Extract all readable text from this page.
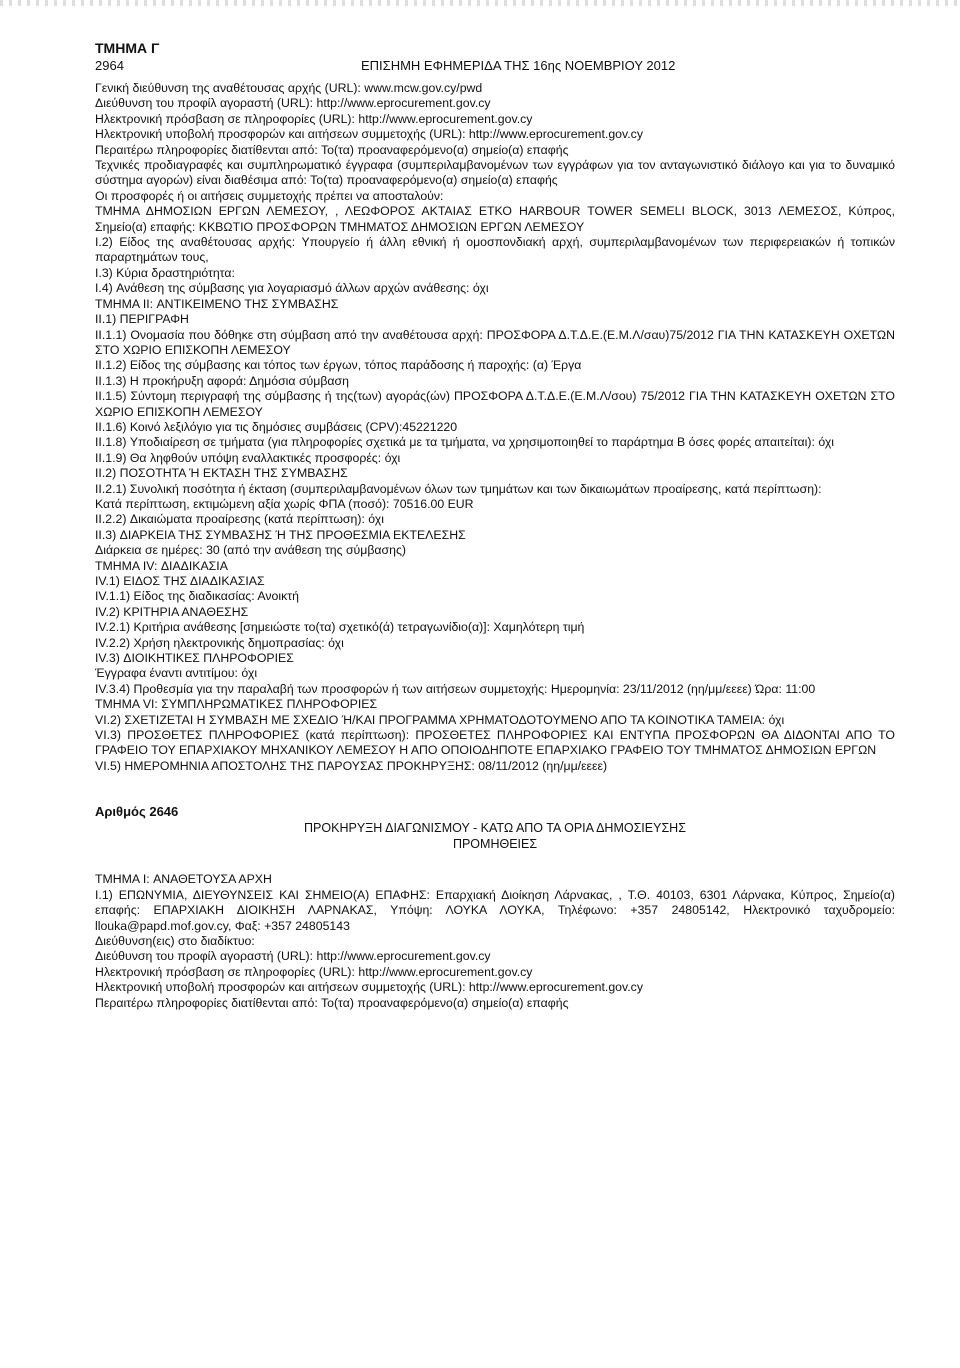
ΤΜΗΜΑ Γ
2964	ΕΠΙΣΗΜΗ ΕΦΗΜΕΡΙΔΑ ΤΗΣ 16ης ΝΟΕΜΒΡΙΟΥ 2012
Γενική διεύθυνση της αναθέτουσας αρχής (URL): www.mcw.gov.cy/pwd
Διεύθυνση του προφίλ αγοραστή (URL): http://www.eprocurement.gov.cy
Ηλεκτρονική πρόσβαση σε πληροφορίες (URL): http://www.eprocurement.gov.cy
Ηλεκτρονική υποβολή προσφορών και αιτήσεων συμμετοχής (URL): http://www.eprocurement.gov.cy
Περαιτέρω πληροφορίες διατίθενται από: Το(τα) προαναφερόμενο(α) σημείο(α) επαφής
Τεχνικές προδιαγραφές και συμπληρωματικό έγγραφα (συμπεριλαμβανομένων των εγγράφων για τον ανταγωνιστικό διάλογο και για το δυναμικό σύστημα αγορών) είναι διαθέσιμα από: Το(τα) προαναφερόμενο(α) σημείο(α) επαφής
Οι προσφορές ή οι αιτήσεις συμμετοχής πρέπει να αποσταλούν:
ΤΜΗΜΑ ΔΗΜΟΣΙΩΝ ΕΡΓΩΝ ΛΕΜΕΣΟΥ, , ΛΕΩΦΟΡΟΣ ΑΚΤΑΙΑΣ ΕΤΚΟ HARBOUR TOWER SEMELI BLOCK, 3013 ΛΕΜΕΣΟΣ, Κύπρος, Σημείο(α) επαφής: ΚΚΒΩΤΙΟ ΠΡΟΣΦΟΡΩΝ ΤΜΗΜΑΤΟΣ ΔΗΜΟΣΙΩΝ ΕΡΓΩΝ ΛΕΜΕΣΟΥ
I.2) Είδος της αναθέτουσας αρχής: Υπουργείο ή άλλη εθνική ή ομοσπονδιακή αρχή, συμπεριλαμβανομένων των περιφερειακών ή τοπικών παραρτημάτων τους,
I.3) Κύρια δραστηριότητα:
I.4) Ανάθεση της σύμβασης για λογαριασμό άλλων αρχών ανάθεσης: όχι
ΤΜΗΜΑ II: ΑΝΤΙΚΕΙΜΕΝΟ ΤΗΣ ΣΥΜΒΑΣΗΣ
II.1) ΠΕΡΙΓΡΑΦΗ
II.1.1) Ονομασία που δόθηκε στη σύμβαση από την αναθέτουσα αρχή: ΠΡΟΣΦΟΡΑ Δ.Τ.Δ.Ε.(Ε.Μ.Λ/σαυ)75/2012 ΓΙΑ ΤΗΝ ΚΑΤΑΣΚΕΥΗ ΟΧΕΤΩΝ ΣΤΟ ΧΩΡΙΟ ΕΠΙΣΚΟΠΗ ΛΕΜΕΣΟΥ
II.1.2) Είδος της σύμβασης και τόπος των έργων, τόπος παράδοσης ή παροχής: (α) Έργα
II.1.3) Η προκήρυξη αφορά: Δημόσια σύμβαση
II.1.5) Σύντομη περιγραφή της σύμβασης ή της(των) αγοράς(ών) ΠΡΟΣΦΟΡΑ Δ.Τ.Δ.Ε.(Ε.Μ.Λ/σου) 75/2012 ΓΙΑ ΤΗΝ ΚΑΤΑΣΚΕΥΗ ΟΧΕΤΩΝ ΣΤΟ ΧΩΡΙΟ ΕΠΙΣΚΟΠΗ ΛΕΜΕΣΟΥ
II.1.6) Κοινό λεξιλόγιο για τις δημόσιες συμβάσεις (CPV):45221220
II.1.8) Υποδιαίρεση σε τμήματα (για πληροφορίες σχετικά με τα τμήματα, να χρησιμοποιηθεί το παράρτημα Β όσες φορές απαιτείται): όχι
II.1.9) Θα ληφθούν υπόψη εναλλακτικές προσφορές: όχι
II.2) ΠΟΣΟΤΗΤΑ Ή ΕΚΤΑΣΗ ΤΗΣ ΣΥΜΒΑΣΗΣ
II.2.1) Συνολική ποσότητα ή έκταση (συμπεριλαμβανομένων όλων των τμημάτων και των δικαιωμάτων προαίρεσης, κατά περίπτωση):
Κατά περίπτωση, εκτιμώμενη αξία χωρίς ΦΠΑ (ποσό): 70516.00 EUR
II.2.2) Δικαιώματα προαίρεσης (κατά περίπτωση): όχι
II.3) ΔΙΑΡΚΕΙΑ ΤΗΣ ΣΥΜΒΑΣΗΣ Ή ΤΗΣ ΠΡΟΘΕΣΜΙΑ ΕΚΤΕΛΕΣΗΣ
Διάρκεια σε ημέρες: 30 (από την ανάθεση της σύμβασης)
ΤΜΗΜΑ IV: ΔΙΑΔΙΚΑΣΙΑ
IV.1) ΕΙΔΟΣ ΤΗΣ ΔΙΑΔΙΚΑΣΙΑΣ
IV.1.1) Είδος της διαδικασίας: Ανοικτή
IV.2) ΚΡΙΤΗΡΙΑ ΑΝΑΘΕΣΗΣ
IV.2.1) Κριτήρια ανάθεσης [σημειώστε το(τα) σχετικό(ά) τετραγωνίδιο(α)]: Χαμηλότερη τιμή
IV.2.2) Χρήση ηλεκτρονικής δημοπρασίας: όχι
IV.3) ΔΙΟΙΚΗΤΙΚΕΣ ΠΛΗΡΟΦΟΡΙΕΣ
Έγγραφα έναντι αντιτίμου: όχι
IV.3.4) Προθεσμία για την παραλαβή των προσφορών ή των αιτήσεων συμμετοχής: Ημερομηνία: 23/11/2012 (ηη/μμ/εεεε) Ώρα: 11:00
ΤΜΗΜΑ VI: ΣΥΜΠΛΗΡΩΜΑΤΙΚΕΣ ΠΛΗΡΟΦΟΡΙΕΣ
VI.2) ΣΧΕΤΙΖΕΤΑΙ Η ΣΥΜΒΑΣΗ ΜΕ ΣΧΕΔΙΟ Ή/ΚΑΙ ΠΡΟΓΡΑΜΜΑ ΧΡΗΜΑΤΟΔΟΤΟΥΜΕΝΟ ΑΠΟ ΤΑ ΚΟΙΝΟΤΙΚΑ ΤΑΜΕΙΑ: όχι
VI.3) ΠΡΟΣΘΕΤΕΣ ΠΛΗΡΟΦΟΡΙΕΣ (κατά περίπτωση): ΠΡΟΣΘΕΤΕΣ ΠΛΗΡΟΦΟΡΙΕΣ ΚΑΙ ΕΝΤΥΠΑ ΠΡΟΣΦΟΡΩΝ ΘΑ ΔΙΔΟΝΤΑΙ ΑΠΟ ΤΟ ΓΡΑΦΕΙΟ ΤΟΥ ΕΠΑΡΧΙΑΚΟΥ ΜΗΧΑΝΙΚΟΥ ΛΕΜΕΣΟΥ Η ΑΠΟ ΟΠΟΙΟΔΗΠΟΤΕ ΕΠΑΡΧΙΑΚΟ ΓΡΑΦΕΙΟ ΤΟΥ ΤΜΗΜΑΤΟΣ ΔΗΜΟΣΙΩΝ ΕΡΓΩΝ
VI.5) ΗΜΕΡΟΜΗΝΙΑ ΑΠΟΣΤΟΛΗΣ ΤΗΣ ΠΑΡΟΥΣΑΣ ΠΡΟΚΗΡΥΞΗΣ: 08/11/2012 (ηη/μμ/εεεε)
Αριθμός 2646
ΠΡΟΚΗΡΥΞΗ ΔΙΑΓΩΝΙΣΜΟΥ - ΚΑΤΩ ΑΠΟ ΤΑ ΟΡΙΑ ΔΗΜΟΣΙΕΥΣΗΣ
ΠΡΟΜΗΘΕΙΕΣ
ΤΜΗΜΑ I: ΑΝΑΘΕΤΟΥΣΑ ΑΡΧΗ
I.1) ΕΠΩΝΥΜΙΑ, ΔΙΕΥΘΥΝΣΕΙΣ ΚΑΙ ΣΗΜΕΙΟ(Α) ΕΠΑΦΗΣ: Επαρχιακή Διοίκηση Λάρνακας, , Τ.Θ. 40103, 6301 Λάρνακα, Κύπρος, Σημείο(α) επαφής: ΕΠΑΡΧΙΑΚΗ ΔΙΟΙΚΗΣΗ ΛΑΡΝΑΚΑΣ, Υπόψη: ΛΟΥΚΑ ΛΟΥΚΑ, Τηλέφωνο: +357 24805142, Ηλεκτρονικό ταχυδρομείο: llouka@papd.mof.gov.cy, Φαξ: +357 24805143
Διεύθυνση(εις) στο διαδίκτυο:
Διεύθυνση του προφίλ αγοραστή (URL): http://www.eprocurement.gov.cy
Ηλεκτρονική πρόσβαση σε πληροφορίες (URL): http://www.eprocurement.gov.cy
Ηλεκτρονική υποβολή προσφορών και αιτήσεων συμμετοχής (URL): http://www.eprocurement.gov.cy
Περαιτέρω πληροφορίες διατίθενται από: Το(τα) προαναφερόμενο(α) σημείο(α) επαφής
